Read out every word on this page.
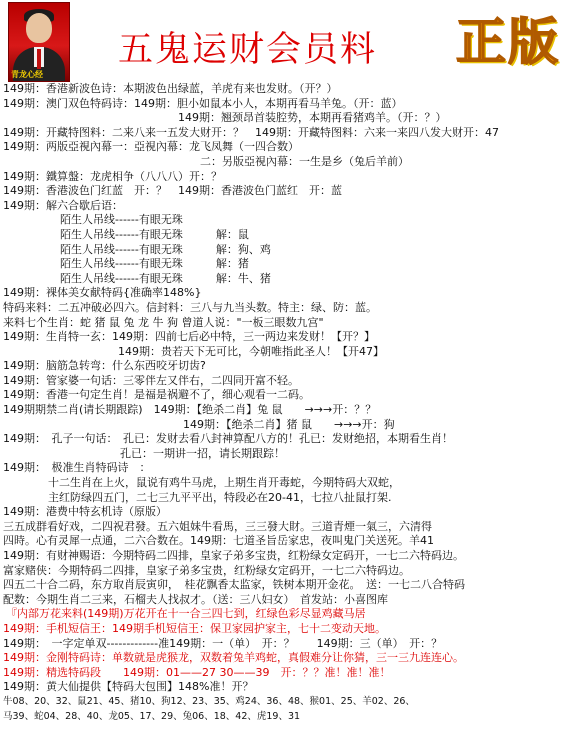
青龙心经
五鬼运财会员料 正版
149期：香港新波色诗：本期波色出绿蓝，羊虎有来也发财。（开？）
149期：澳门双色特码诗：149期：胆小如鼠本小人，本期再看马羊兔。（开：蓝）
149期：翘颈昂首装腔势，本期再看猪鸡羊。（开：？）
149期：开藏特图料：二来八来一五发大财开：？　149期：开藏特图料：六来一来四八发大财开：47
149期：两版亞視內幕一：亞視內幕：龙飞凤舞（一四合数）
二：另版亞視內幕：一生是乡（兔后羊前）
149期：鐵算盤：龙虎相争（八八八）开：？
149期：香港波色门红蓝　开：？　149期：香港波色门蓝红　开：蓝
149期：解六合歇后语：
陌生人吊线------有眼无珠
陌生人吊线------有眼无珠　　　解：鼠
陌生人吊线------有眼无珠　　　解：狗、鸡
陌生人吊线------有眼无珠　　　解：猪
陌生人吊线------有眼无珠　　　解：牛、猪
149期：裸体美女献特码{准确率148%}
特码来料：二五冲破必四六。信封料：三八与九当头数。特主：绿、防：蓝。
来料七个生肖：蛇 猪 鼠 兔 龙 牛 狗 曾道人说："一板三眼数九宫"
149期：生肖特一玄：149期：四前七后必中特，三一两边来发财！【开？】
149期：贵若天下无可比，今朝唯指此圣人！【开47】
149期：脑筋急转弯：什么东西咬牙切齿?
149期：管家婆一句话：三零伴左又伴右，二四同开富不轻。
149期：香港一句定生肖！是福是祸避不了，细心观看一二码。
149期期禁二肖(请长期跟踪)　149期：【绝杀二肖】兔 鼠　　→→→开：？？
149期：【绝杀二肖】猪 鼠　　→→→开：狗
149期：　孔子一句话：　孔已：发财去看八封神算配八方的！孔已：发财绝招，本期看生肖！
孔已：一期讲一招，请长期跟踪！
149期：　极准生肖特码诗　：
十二生肖在上火，鼠说有鸡牛马虎，上期生肖开毒蛇，今期特码大双蛇，
主红防绿四五门，二七三九平平出，特段必在20-41，七拉八扯鼠打架.
149期：港费中特玄机诗（原版）
三五成群看好戏，二四祝君發。五六姐妹牛看馬，三三發大財。三道青煙一氣三，六清得
四時。心有灵犀一点通，二六合数在。149期：七道圣旨岳家忠，夜叫鬼门关送死。羊41
149期：有财神赐语：今期特码二四排，皇家子弟多宝贵，红粉绿女定码开，一七二六特码边。
富家赌侠：今期特码二四排，皇家子弟多宝贵，红粉绿女定码开，一七二六特码边。
四五二十合二码，东方取肖辰寅卯，　桂花飘香太监家，铁树本期开金花。　送：一七二八合特码
配数：今期生肖二三来，石榴夫人找叔才。（送：三八妇女）　首发站：小喜图库
『内部万花来料(149期)万花开在十一合三四七到，红绿色彩尽显鸡藏马居
149期：手机短信王：149期手机短信王：保卫家园护家主，七十二变动天地。
149期：　一字定单双-------------准149期：一（单）　开：？　　149期：三（单）　开：？
149期：金刚特码诗：单数就是虎猴龙，双数着兔羊鸡蛇，真假难分让你猜，三一三九连连心。
149期：精选特码段　　149期：01——27 30——39　开：？？准！准！准！
149期：黄大仙提供【特码大包围】148%准！开？
牛08、20、32、鼠21、45、猪10、狗12、23、35、鸡24、36、48、猴01、25、羊02、26、
马39、蛇04、28、40、龙05、17、29、兔06、18、42、虎19、31
